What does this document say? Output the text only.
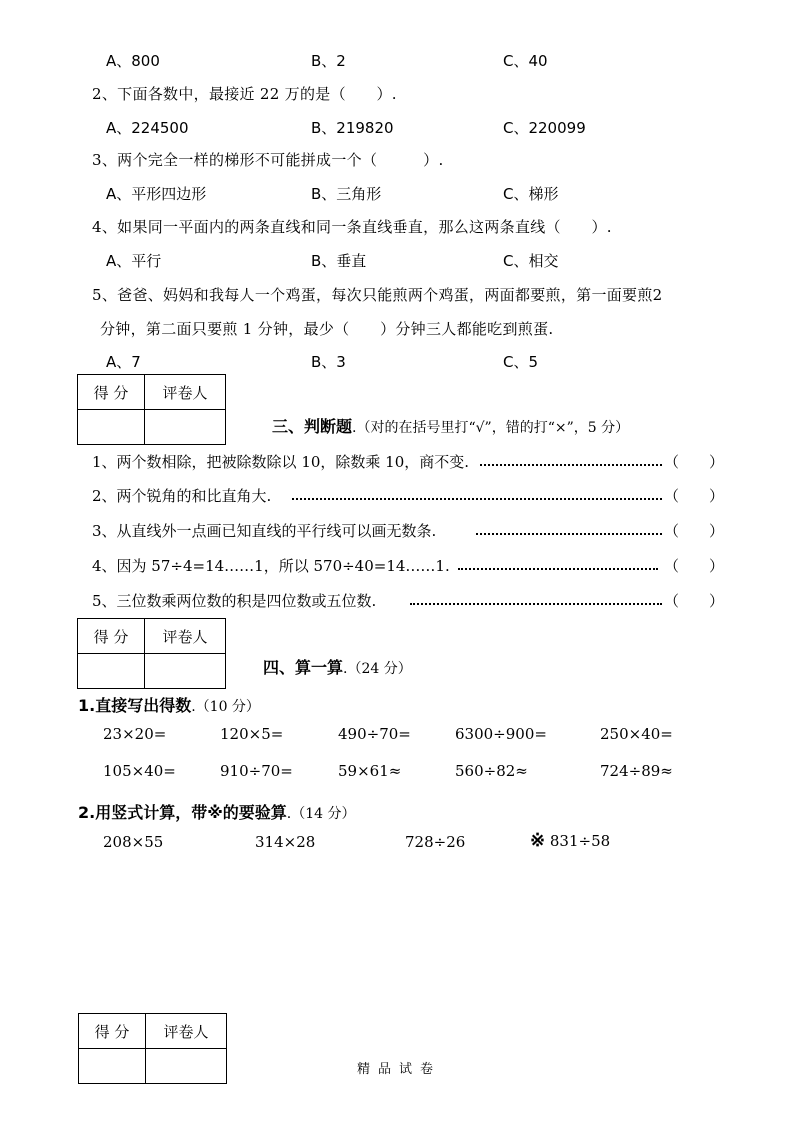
A、800	B、2	C、40
2、下面各数中，最接近 22 万的是（　　）.
A、224500	B、219820	C、220099
3、两个完全一样的梯形不可能拼成一个（　　　）.
A、平形四边形	B、三角形	C、梯形
4、如果同一平面内的两条直线和同一条直线垂直，那么这两条直线（　　）.
A、平行	B、垂直	C、相交
5、爸爸、妈妈和我每人一个鸡蛋，每次只能煎两个鸡蛋，两面都要煎，第一面要煎2
分钟，第二面只要煎 1 分钟，最少（　　）分钟三人都能吃到煎蛋.
A、7	B、3	C、5
得 分	评卷人

三、判断题.（对的在括号里打“√”，错的打“×”，5 分）
1、两个数相除，把被除数除以 10，除数乘 10，商不变.	（　　）
2、两个锐角的和比直角大.	（　　）
3、从直线外一点画已知直线的平行线可以画无数条.	（　　）
4、因为 57÷4=14……1，所以 570÷40=14……1.	（　　）
5、三位数乘两位数的积是四位数或五位数.	（　　）
得 分	评卷人

四、算一算.（24 分）
1.直接写出得数.（10 分）
23×20=	120×5=	490÷70=	6300÷900=	250×40=
105×40=	910÷70=	59×61≈	560÷82≈	724÷89≈
2.用竖式计算，带※的要验算.（14 分）
208×55	314×28	728÷26	※ 831÷58
得 分	评卷人

精品试卷
